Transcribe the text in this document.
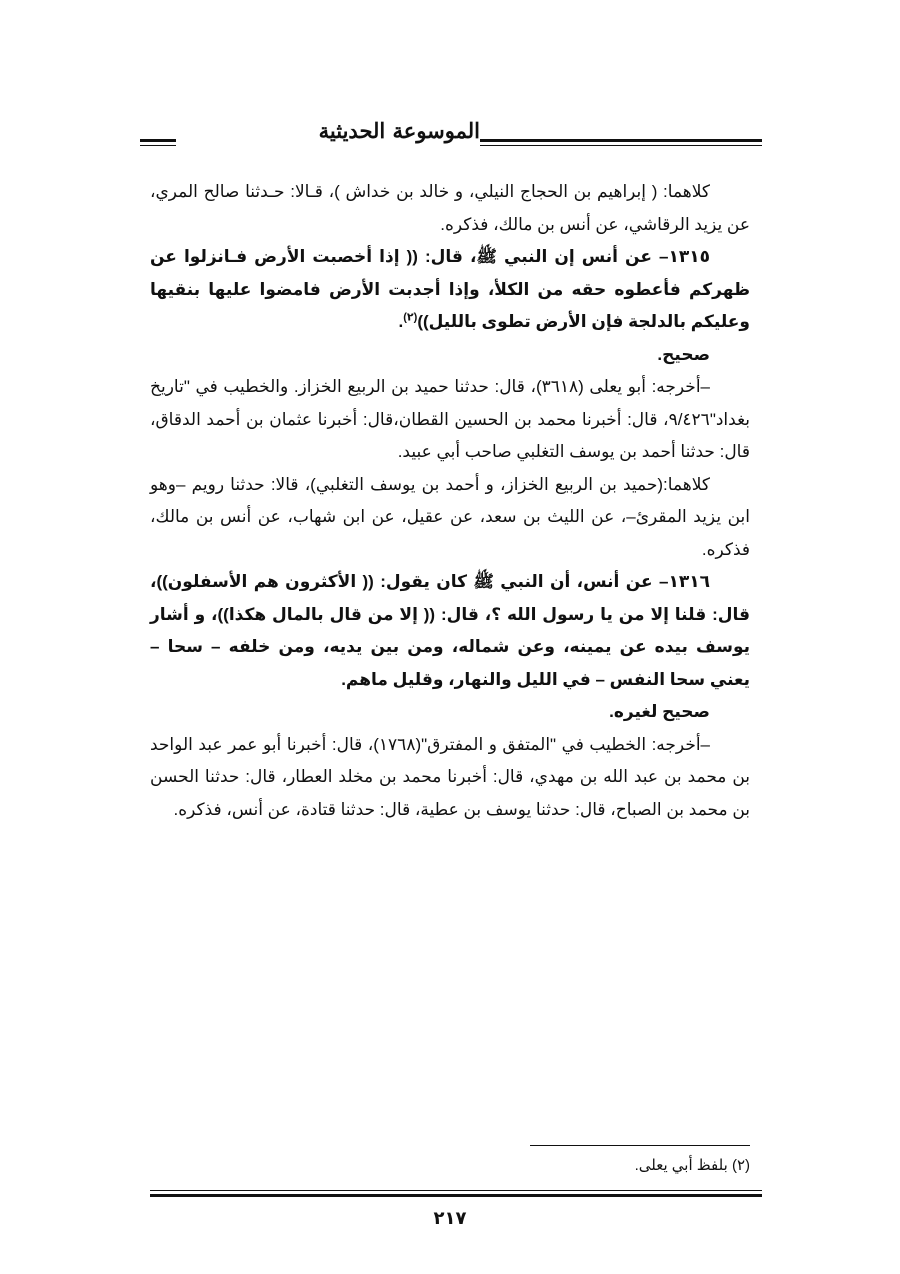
الموسوعة الحديثية

كلاهما: ( إبراهيم بن الحجاج النيلي، و خالد بن خداش )، قـالا: حـدثنا صالح المري، عن يزيد الرقاشي، عن أنس بن مالك، فذكره.

١٣١٥– عن أنس إن النبي ﷺ، قال: (( إذا أخصبت الأرض فـانزلوا عن ظهركم فأعطوه حقه من الكلأ، وإذا أجدبت الأرض فامضوا عليها بنقيها وعليكم بالدلجة فإن الأرض تطوى بالليل))$^{(٢)}$.

صحيح.

–أخرجه: أبو يعلى (٣٦١٨)، قال: حدثنا حميد بن الربيع الخزاز. والخطيب في "تاريخ بغداد"٩/٤٢٦، قال: أخبرنا محمد بن الحسين القطان،قال: أخبرنا عثمان بن أحمد الدقاق، قال: حدثنا أحمد بن يوسف التغلبي صاحب أبي عبيد.

كلاهما:(حميد بن الربيع الخزاز، و أحمد بن يوسف التغلبي)، قالا: حدثنا رويم –وهو ابن يزيد المقرئ–، عن الليث بن سعد، عن عقيل، عن ابن شهاب، عن أنس بن مالك، فذكره.

١٣١٦– عن أنس، أن النبي ﷺ كان يقول: (( الأكثرون هم الأسفلون))، قال: قلنا إلا من يا رسول الله ؟، قال: (( إلا من قال بالمال هكذا))، و أشار يوسف بيده عن يمينه، وعن شماله، ومن بين يديه، ومن خلفه – سحا – يعني سحا النفس – في الليل والنهار، وقليل ماهم.

صحيح لغيره.

–أخرجه: الخطيب في "المتفق و المفترق"(١٧٦٨)، قال: أخبرنا أبو عمر عبد الواحد بن محمد بن عبد الله بن مهدي، قال: أخبرنا محمد بن مخلد العطار، قال: حدثنا الحسن بن محمد بن الصباح، قال: حدثنا يوسف بن عطية، قال: حدثنا قتادة، عن أنس، فذكره.

(٢) بلفظ أبي يعلى.
٢١٧
